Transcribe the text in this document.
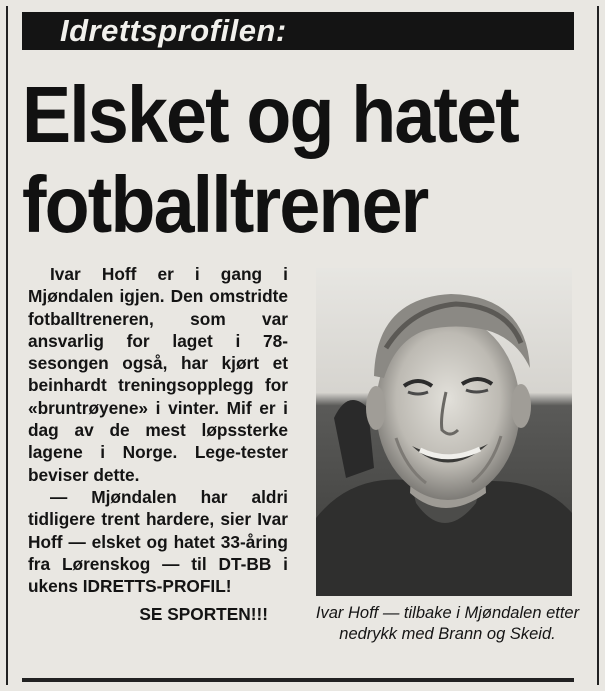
Idrettsprofilen:
Elsket og hatet
fotballtrener

Ivar Hoff er i gang i Mjøndalen igjen. Den omstridte fotballtreneren, som var ansvarlig for laget i 78-sesongen også, har kjørt et beinhardt treningsopplegg for «bruntrøyene» i vinter. Mif er i dag av de mest løpssterke lagene i Norge. Lege-tester beviser dette.

— Mjøndalen har aldri tidligere trent hardere, sier Ivar Hoff — elsket og hatet 33-åring fra Lørenskog — til DT-BB i ukens IDRETTS-PROFIL!

SE SPORTEN!!!	Ivar Hoff — tilbake i Mjøndalen etter nedrykk med Brann og Skeid.
